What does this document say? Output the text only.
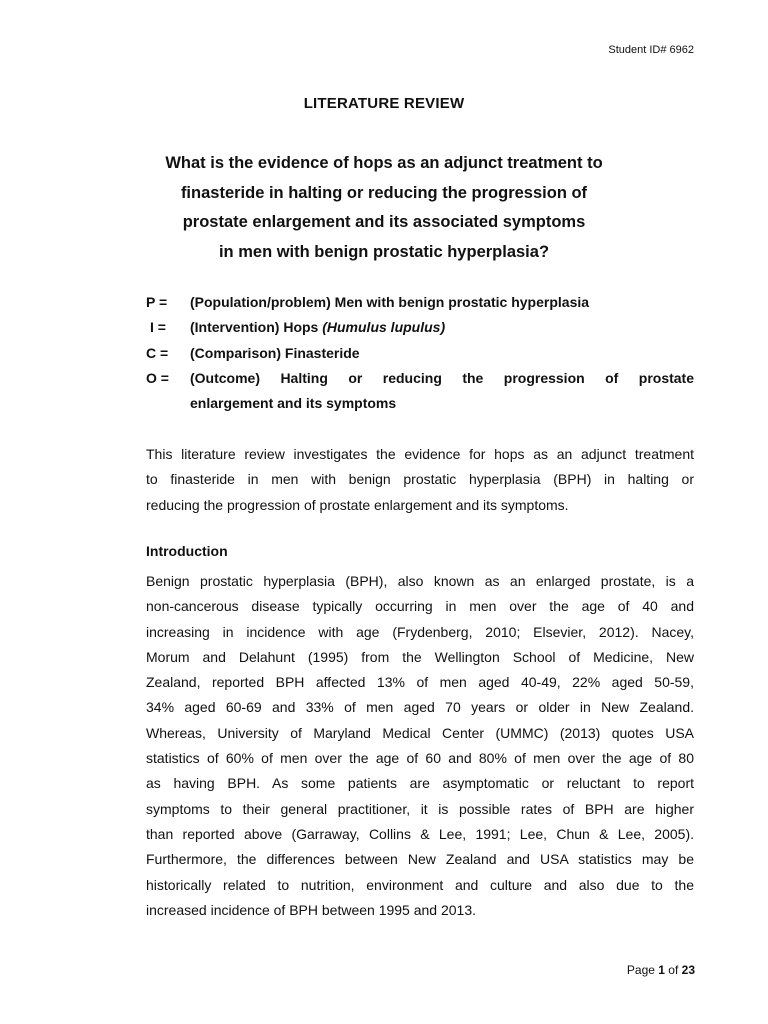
Student ID# 6962
LITERATURE REVIEW
What is the evidence of hops as an adjunct treatment to
finasteride in halting or reducing the progression of
prostate enlargement and its associated symptoms
in men with benign prostatic hyperplasia?
P =	(Population/problem) Men with benign prostatic hyperplasia
I =	(Intervention) Hops (Humulus lupulus)
C =	(Comparison) Finasteride
O =	(Outcome) Halting or reducing the progression of prostate
enlargement and its symptoms
This literature review investigates the evidence for hops as an adjunct treatment
to finasteride in men with benign prostatic hyperplasia (BPH) in halting or
reducing the progression of prostate enlargement and its symptoms.
Introduction
Benign prostatic hyperplasia (BPH), also known as an enlarged prostate, is a
non-cancerous disease typically occurring in men over the age of 40 and
increasing in incidence with age (Frydenberg, 2010; Elsevier, 2012). Nacey,
Morum and Delahunt (1995) from the Wellington School of Medicine, New
Zealand, reported BPH affected 13% of men aged 40-49, 22% aged 50-59,
34% aged 60-69 and 33% of men aged 70 years or older in New Zealand.
Whereas, University of Maryland Medical Center (UMMC) (2013) quotes USA
statistics of 60% of men over the age of 60 and 80% of men over the age of 80
as having BPH. As some patients are asymptomatic or reluctant to report
symptoms to their general practitioner, it is possible rates of BPH are higher
than reported above (Garraway, Collins & Lee, 1991; Lee, Chun & Lee, 2005).
Furthermore, the differences between New Zealand and USA statistics may be
historically related to nutrition, environment and culture and also due to the
increased incidence of BPH between 1995 and 2013.
Page 1 of 23
